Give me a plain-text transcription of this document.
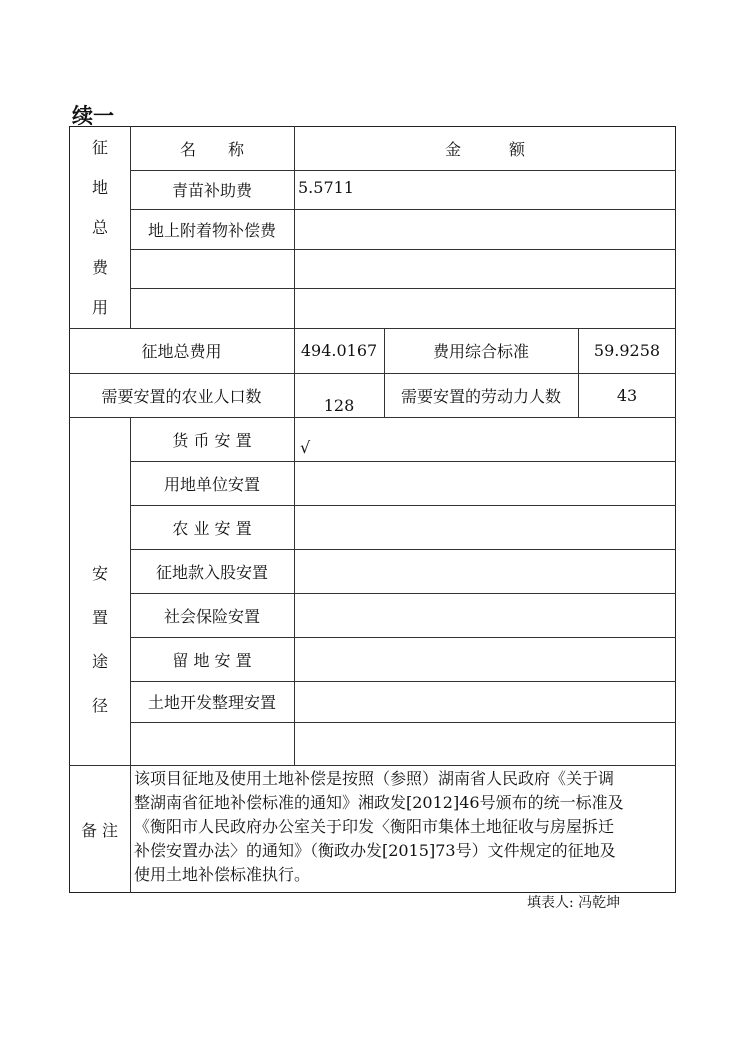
续一
征
地
总
费
用
名　　称	金　　　额
青苗补助费	5.5711
地上附着物补偿费
征地总费用	494.0167	费用综合标准	59.9258
需要安置的农业人口数	128	需要安置的劳动力人数	43
安
置
途
径
货 币 安 置	√
用地单位安置
农 业 安 置
征地款入股安置
社会保险安置
留 地 安 置
土地开发整理安置
备 注
该项目征地及使用土地补偿是按照（参照）湖南省人民政府《关于调
整湖南省征地补偿标准的通知》湘政发[2012]46号颁布的统一标准及
《衡阳市人民政府办公室关于印发〈衡阳市集体土地征收与房屋拆迁
补偿安置办法〉的通知》（衡政办发[2015]73号）文件规定的征地及
使用土地补偿标准执行。
填表人: 冯乾坤
